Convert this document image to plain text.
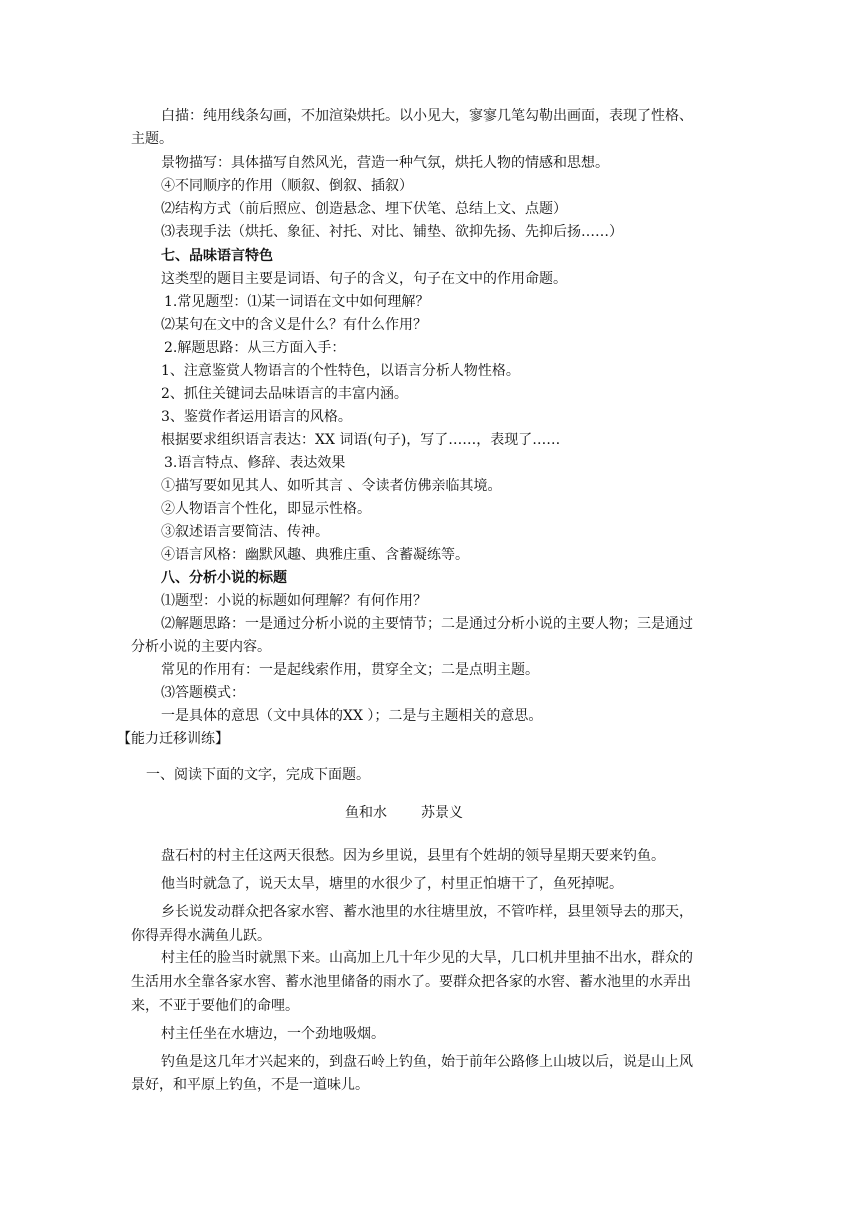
白描：纯用线条勾画，不加渲染烘托。以小见大，寥寥几笔勾勒出画面，表现了性格、
主题。
景物描写：具体描写自然风光，营造一种气氛，烘托人物的情感和思想。
④不同顺序的作用（顺叙、倒叙、插叙）
⑵结构方式（前后照应、创造悬念、埋下伏笔、总结上文、点题）
⑶表现手法（烘托、象征、衬托、对比、铺垫、欲抑先扬、先抑后扬……）
七、品味语言特色
这类型的题目主要是词语、句子的含义，句子在文中的作用命题。
1.常见题型：⑴某一词语在文中如何理解？
⑵某句在文中的含义是什么？有什么作用？
2.解题思路：从三方面入手：
1、注意鉴赏人物语言的个性特色，以语言分析人物性格。
2、抓住关键词去品味语言的丰富内涵。
3、鉴赏作者运用语言的风格。
根据要求组织语言表达：XX 词语(句子)，写了……，表现了……
3.语言特点、修辞、表达效果
①描写要如见其人、如听其言 、令读者仿佛亲临其境。
②人物语言个性化，即显示性格。
③叙述语言要简洁、传神。
④语言风格：幽默风趣、典雅庄重、含蓄凝练等。
八、分析小说的标题
⑴题型：小说的标题如何理解？有何作用？
⑵解题思路：一是通过分析小说的主要情节；二是通过分析小说的主要人物；三是通过
分析小说的主要内容。
常见的作用有：一是起线索作用，贯穿全文；二是点明主题。
⑶答题模式：
一是具体的意思（文中具体的XX ）；二是与主题相关的意思。
【能力迁移训练】
一、阅读下面的文字，完成下面题。
鱼和水 苏景义
盘石村的村主任这两天很愁。因为乡里说，县里有个姓胡的领导星期天要来钓鱼。
他当时就急了，说天太旱，塘里的水很少了，村里正怕塘干了，鱼死掉呢。
乡长说发动群众把各家水窖、蓄水池里的水往塘里放，不管咋样，县里领导去的那天，
你得弄得水满鱼儿跃。
村主任的脸当时就黑下来。山高加上几十年少见的大旱，几口机井里抽不出水，群众的
生活用水全靠各家水窖、蓄水池里储备的雨水了。要群众把各家的水窖、蓄水池里的水弄出
来，不亚于要他们的命哩。
村主任坐在水塘边，一个劲地吸烟。
钓鱼是这几年才兴起来的，到盘石岭上钓鱼，始于前年公路修上山坡以后，说是山上风
景好，和平原上钓鱼，不是一道味儿。
